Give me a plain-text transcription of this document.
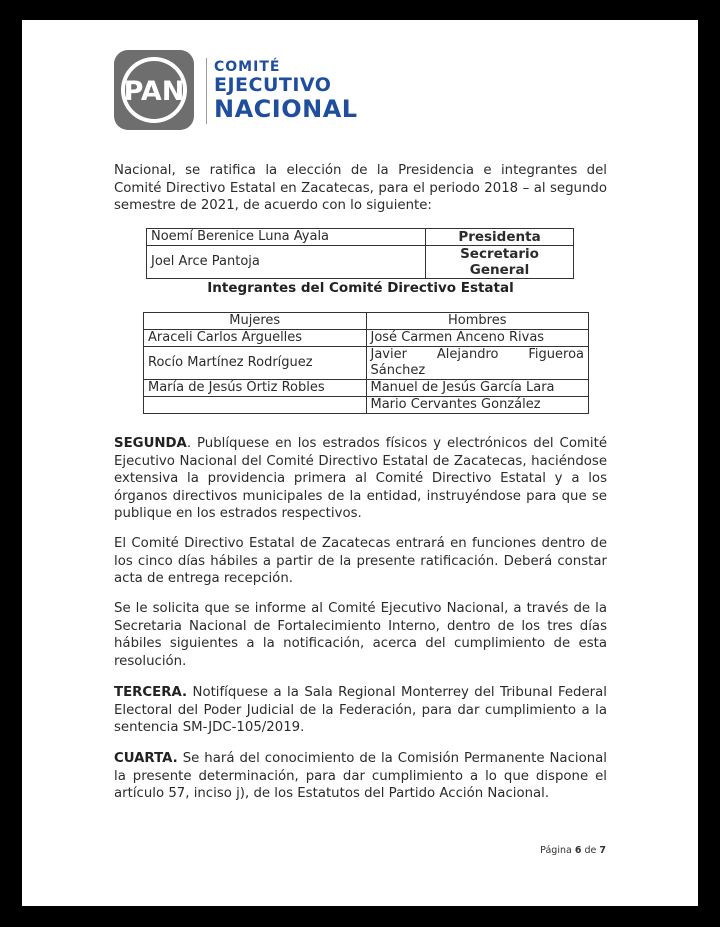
PAN
COMITÉ
EJECUTIVO
NACIONAL
Nacional, se ratifica la elección de la Presidencia e integrantes del Comité Directivo Estatal en Zacatecas, para el periodo 2018 – al segundo semestre de 2021, de acuerdo con lo siguiente:
Noemí Berenice Luna Ayala	Presidenta
Joel Arce Pantoja	Secretario General
Integrantes del Comité Directivo Estatal
Mujeres	Hombres
Araceli Carlos Arguelles	José Carmen Anceno Rivas
Rocío Martínez Rodríguez	Javier Alejandro Figueroa Sánchez
María de Jesús Ortiz Robles	Manuel de Jesús García Lara
	Mario Cervantes González
SEGUNDA. Publíquese en los estrados físicos y electrónicos del Comité Ejecutivo Nacional del Comité Directivo Estatal de Zacatecas, haciéndose extensiva la providencia primera al Comité Directivo Estatal y a los órganos directivos municipales de la entidad, instruyéndose para que se publique en los estrados respectivos.
El Comité Directivo Estatal de Zacatecas entrará en funciones dentro de los cinco días hábiles a partir de la presente ratificación. Deberá constar acta de entrega recepción.
Se le solicita que se informe al Comité Ejecutivo Nacional, a través de la Secretaria Nacional de Fortalecimiento Interno, dentro de los tres días hábiles siguientes a la notificación, acerca del cumplimiento de esta resolución.
TERCERA. Notifíquese a la Sala Regional Monterrey del Tribunal Federal Electoral del Poder Judicial de la Federación, para dar cumplimiento a la sentencia SM-JDC-105/2019.
CUARTA. Se hará del conocimiento de la Comisión Permanente Nacional la presente determinación, para dar cumplimiento a lo que dispone el artículo 57, inciso j), de los Estatutos del Partido Acción Nacional.
Página 6 de 7
